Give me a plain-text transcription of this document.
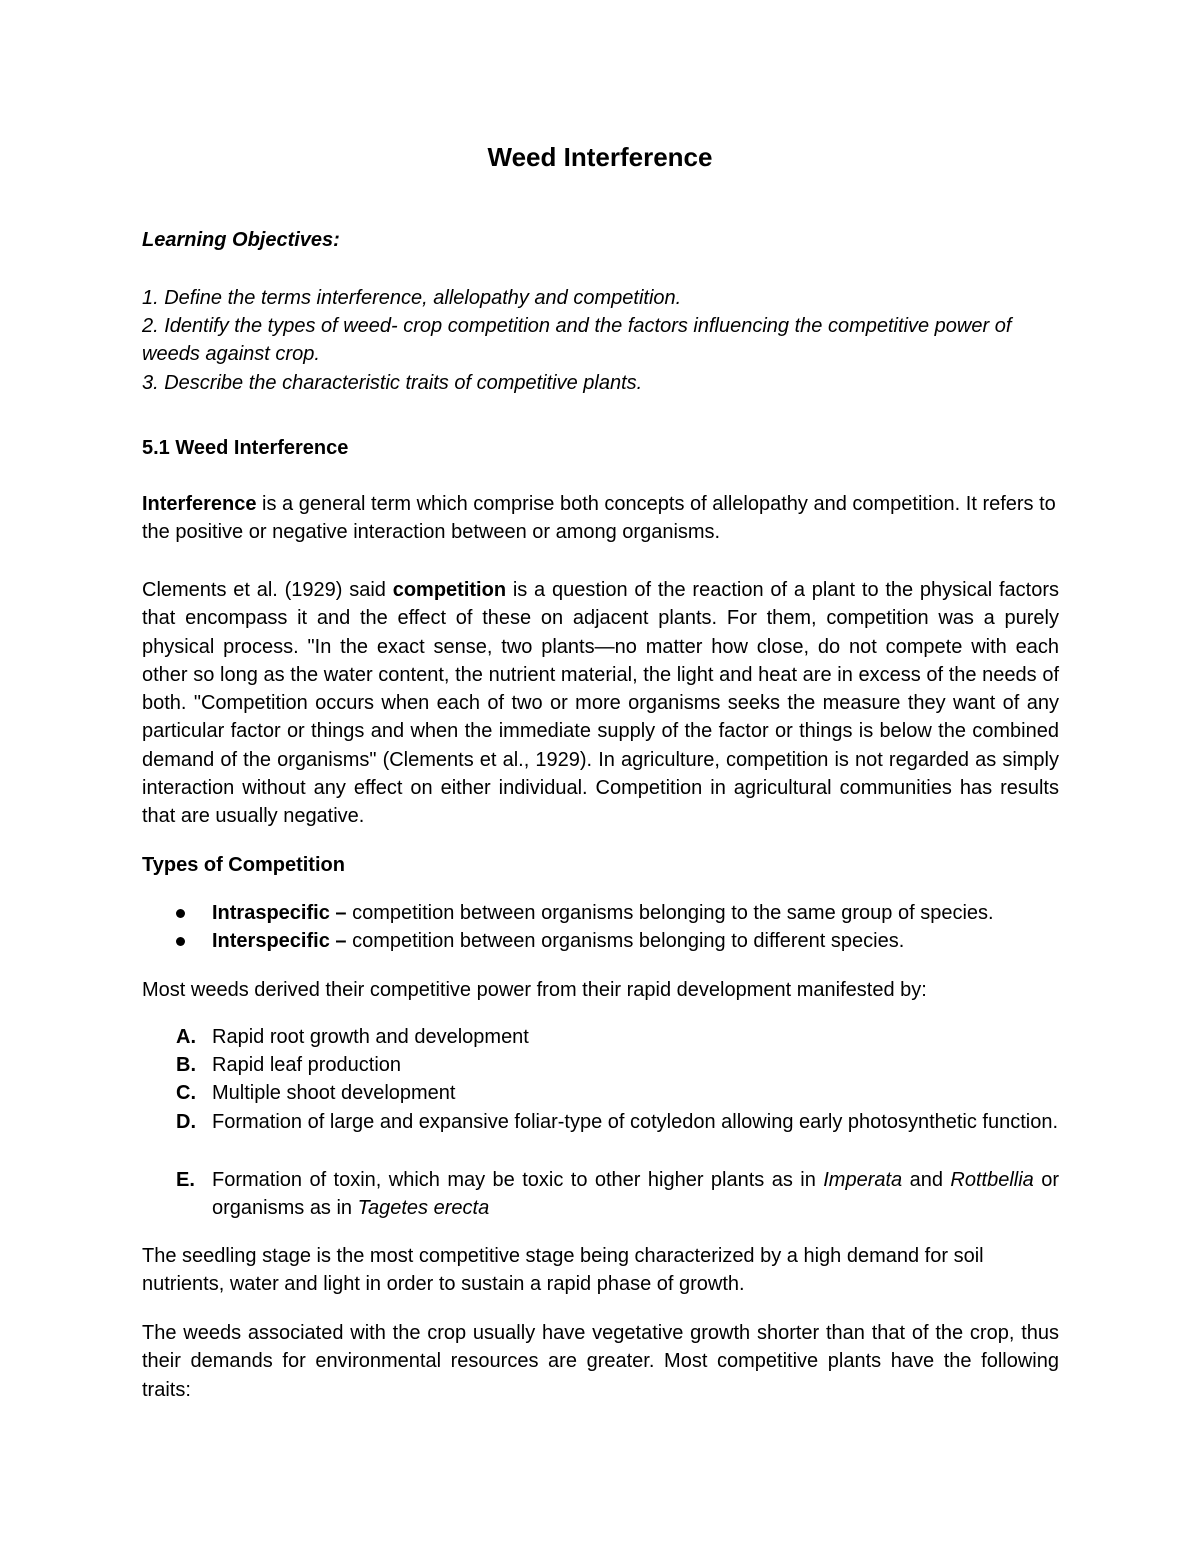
Weed Interference

Learning Objectives:

1. Define the terms interference, allelopathy and competition.

2. Identify the types of weed- crop competition and the factors influencing the competitive power of weeds against crop.

3. Describe the characteristic traits of competitive plants.

5.1 Weed Interference

Interference is a general term which comprise both concepts of allelopathy and competition. It refers to the positive or negative interaction between or among organisms.

Clements et al. (1929) said competition is a question of the reaction of a plant to the physical factors that encompass it and the effect of these on adjacent plants. For them, competition was a purely physical process. "In the exact sense, two plants—no matter how close, do not compete with each other so long as the water content, the nutrient material, the light and heat are in excess of the needs of both. "Competition occurs when each of two or more organisms seeks the measure they want of any particular factor or things and when the immediate supply of the factor or things is below the combined demand of the organisms" (Clements et al., 1929). In agriculture, competition is not regarded as simply interaction without any effect on either individual. Competition in agricultural communities has results that are usually negative.

Types of Competition

Intraspecific – competition between organisms belonging to the same group of species.
Interspecific – competition between organisms belonging to different species.

Most weeds derived their competitive power from their rapid development manifested by:

A. Rapid root growth and development
B. Rapid leaf production
C. Multiple shoot development
D. Formation of large and expansive foliar-type of cotyledon allowing early photosynthetic function.
E. Formation of toxin, which may be toxic to other higher plants as in Imperata and Rottbellia or organisms as in Tagetes erecta

The seedling stage is the most competitive stage being characterized by a high demand for soil nutrients, water and light in order to sustain a rapid phase of growth.

The weeds associated with the crop usually have vegetative growth shorter than that of the crop, thus their demands for environmental resources are greater. Most competitive plants have the following traits:
